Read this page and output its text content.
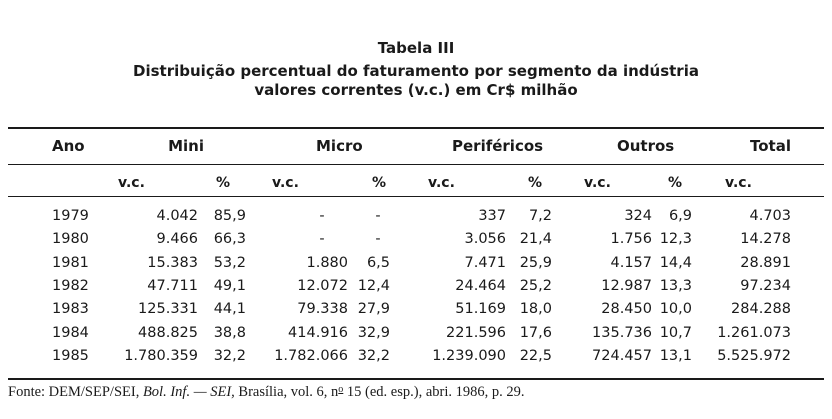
Tabela III
Distribuição percentual do faturamento por segmento da indústria
valores correntes (v.c.) em Cr$ milhão
Ano	Mini	Micro	Periféricos	Outros	Total
v.c.	%	v.c.	%	v.c.	%	v.c.	%	v.c.
1979	4.042	85,9	-	-	337	7,2	324	6,9	4.703
1980	9.466	66,3	-	-	3.056 21,4	1.756 12,3	14.278
1981	15.383	53,2	1.880	6,5	7.471 25,9	4.157 14,4	28.891
1982	47.711	49,1	12.072 12,4	24.464 25,2	12.987 13,3	97.234
1983	125.331	44,1	79.338 27,9	51.169 18,0	28.450 10,0	284.288
1984	488.825	38,8	414.916 32,9	221.596 17,6	135.736 10,7	1.261.073
1985	1.780.359	32,2	1.782.066 32,2	1.239.090 22,5	724.457 13,1	5.525.972
Fonte: DEM/SEP/SEI, Bol. Inf. — SEI, Brasília, vol. 6, $n^o$ 15 (ed. esp.), abri. 1986, p. 29.
